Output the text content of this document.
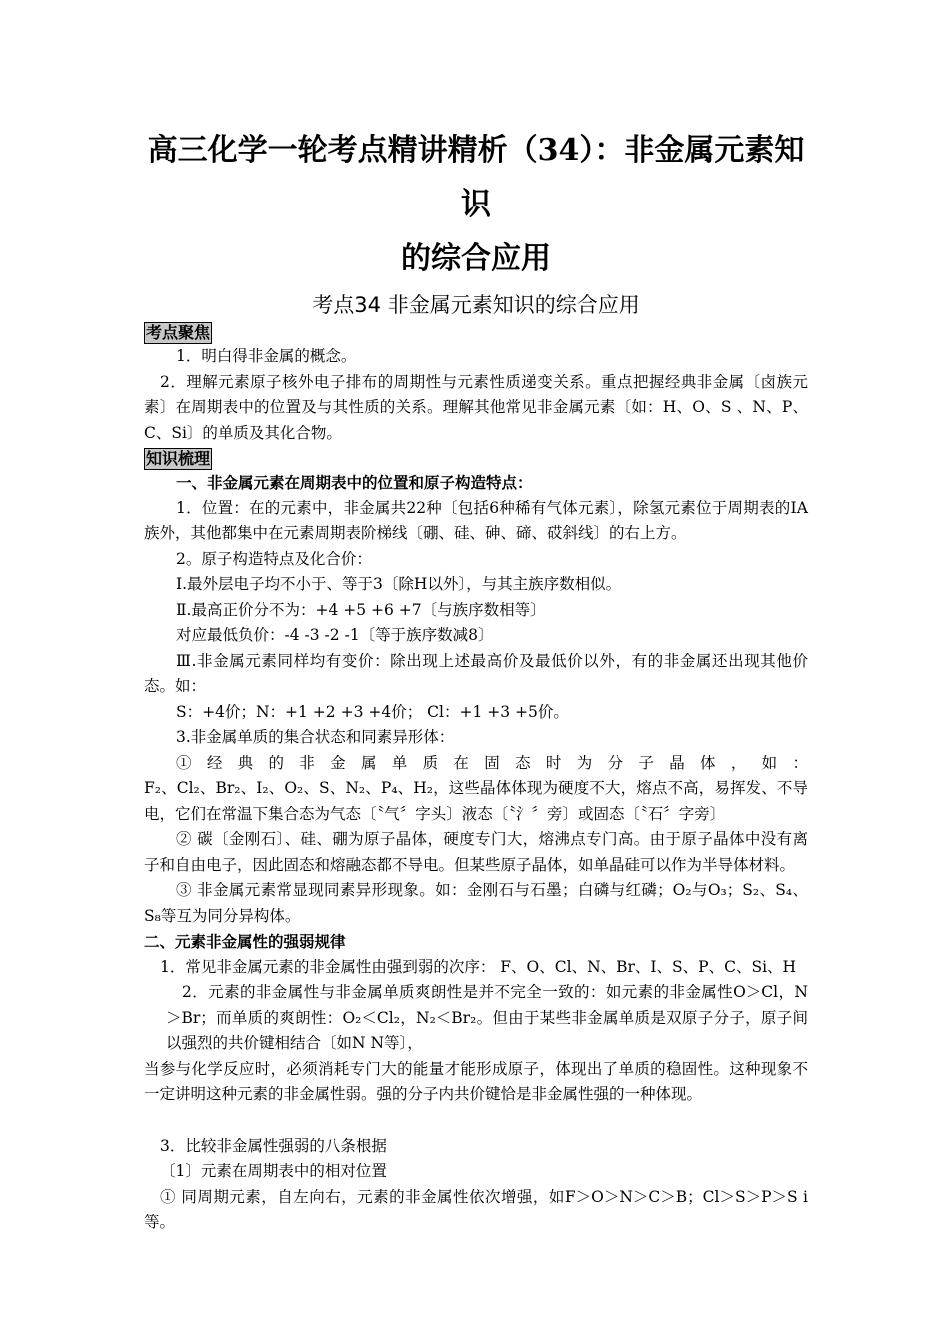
高三化学一轮考点精讲精析（34）：非金属元素知识
的综合应用
考点34 非金属元素知识的综合应用
考点聚焦

1．明白得非金属的概念。

2．理解元素原子核外电子排布的周期性与元素性质递变关系。重点把握经典非金属〔卤族元素〕在周期表中的位置及与其性质的关系。理解其他常见非金属元素〔如：H、O、S 、N、P、C、Si〕的单质及其化合物。

知识梳理

一、非金属元素在周期表中的位置和原子构造特点：

1．位置：在的元素中，非金属共22种〔包括6种稀有气体元素〕，除氢元素位于周期表的ⅠA族外，其他都集中在元素周期表阶梯线〔硼、硅、砷、碲、砹斜线〕的右上方。

2。原子构造特点及化合价：

Ⅰ.最外层电子均不小于、等于3〔除H以外〕，与其主族序数相似。

Ⅱ.最高正价分不为：+4 +5 +6 +7〔与族序数相等〕

对应最低负价：-4 -3 -2 -1〔等于族序数减8〕

Ⅲ.非金属元素同样均有变价：除出现上述最高价及最低价以外，有的非金属还出现其他价态。如：

S：+4价；N：+1 +2 +3 +4价； Cl：+1 +3 +5价。

3.非金属单质的集合状态和同素异形体：

① 经 典 的 非 金 属 单 质 在 固 态 时 为 分 子 晶 体 ， 如 ：

F₂、Cl₂、Br₂、I₂、O₂、S、N₂、P₄、H₂，这些晶体体现为硬度不大，熔点不高，易挥发、不导电，它们在常温下集合态为气态〔〝气〞字头〕液态〔〝氵〞旁〕或固态〔〝石〞字旁〕

② 碳〔金刚石〕、硅、硼为原子晶体，硬度专门大，熔沸点专门高。由于原子晶体中没有离子和自由电子，因此固态和熔融态都不导电。但某些原子晶体，如单晶硅可以作为半导体材料。

③ 非金属元素常显现同素异形现象。如：金刚石与石墨；白磷与红磷；O₂与O₃；S₂、S₄、S₈等互为同分异构体。

二、元素非金属性的强弱规律

1．常见非金属元素的非金属性由强到弱的次序： F、O、Cl、N、Br、I、S、P、C、Si、H

2．元素的非金属性与非金属单质爽朗性是并不完全一致的：如元素的非金属性O＞Cl，N＞Br；而单质的爽朗性：O₂＜Cl₂，N₂＜Br₂。但由于某些非金属单质是双原子分子，原子间以强烈的共价键相结合〔如N N等〕，

当参与化学反应时，必须消耗专门大的能量才能形成原子，体现出了单质的稳固性。这种现象不一定讲明这种元素的非金属性弱。强的分子内共价键恰是非金属性强的一种体现。

3．比较非金属性强弱的八条根据

〔1〕元素在周期表中的相对位置

① 同周期元素，自左向右，元素的非金属性依次增强，如F＞O＞N＞C＞B；Cl＞S＞P＞S i等。
